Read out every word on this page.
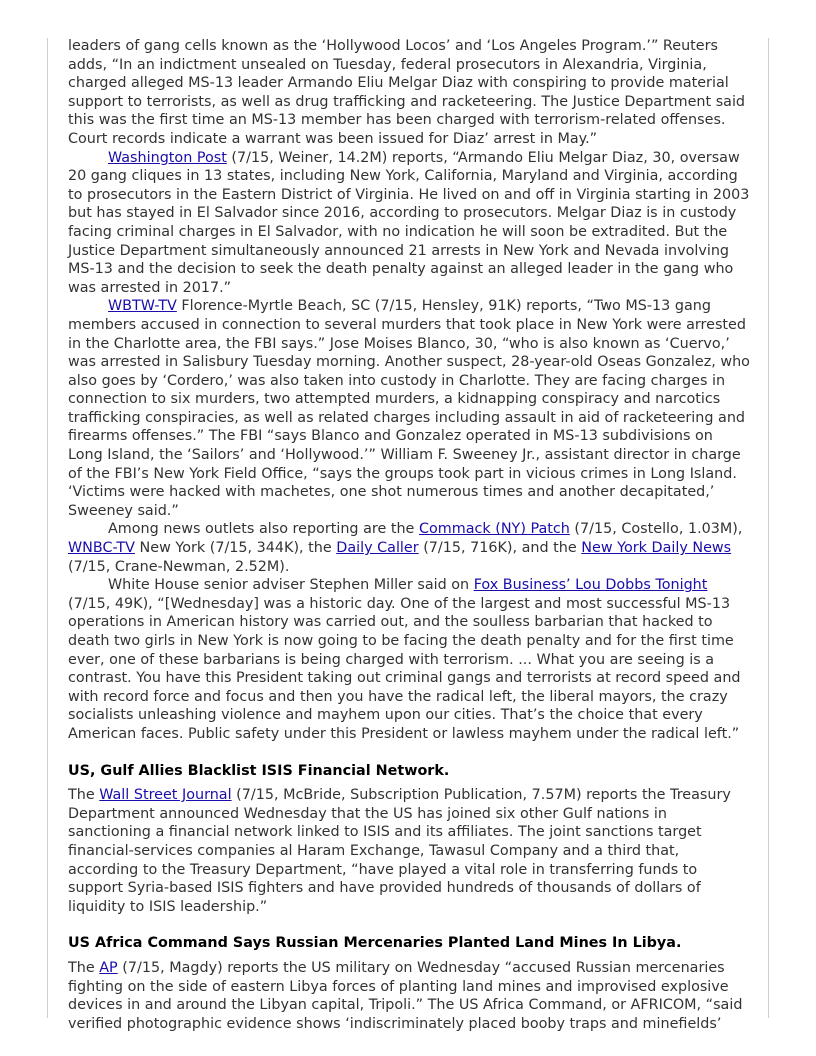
leaders of gang cells known as the ‘Hollywood Locos’ and ‘Los Angeles Program.’” Reuters adds, “In an indictment unsealed on Tuesday, federal prosecutors in Alexandria, Virginia, charged alleged MS-13 leader Armando Eliu Melgar Diaz with conspiring to provide material support to terrorists, as well as drug trafficking and racketeering. The Justice Department said this was the first time an MS-13 member has been charged with terrorism-related offenses. Court records indicate a warrant was been issued for Diaz’ arrest in May.”

Washington Post (7/15, Weiner, 14.2M) reports, “Armando Eliu Melgar Diaz, 30, oversaw 20 gang cliques in 13 states, including New York, California, Maryland and Virginia, according to prosecutors in the Eastern District of Virginia. He lived on and off in Virginia starting in 2003 but has stayed in El Salvador since 2016, according to prosecutors. Melgar Diaz is in custody facing criminal charges in El Salvador, with no indication he will soon be extradited. But the Justice Department simultaneously announced 21 arrests in New York and Nevada involving MS-13 and the decision to seek the death penalty against an alleged leader in the gang who was arrested in 2017.”

WBTW-TV Florence-Myrtle Beach, SC (7/15, Hensley, 91K) reports, “Two MS-13 gang members accused in connection to several murders that took place in New York were arrested in the Charlotte area, the FBI says.” Jose Moises Blanco, 30, “who is also known as ‘Cuervo,’ was arrested in Salisbury Tuesday morning. Another suspect, 28-year-old Oseas Gonzalez, who also goes by ‘Cordero,’ was also taken into custody in Charlotte. They are facing charges in connection to six murders, two attempted murders, a kidnapping conspiracy and narcotics trafficking conspiracies, as well as related charges including assault in aid of racketeering and firearms offenses.” The FBI “says Blanco and Gonzalez operated in MS-13 subdivisions on Long Island, the ‘Sailors’ and ‘Hollywood.’” William F. Sweeney Jr., assistant director in charge of the FBI’s New York Field Office, “says the groups took part in vicious crimes in Long Island. ‘Victims were hacked with machetes, one shot numerous times and another decapitated,’ Sweeney said.”

Among news outlets also reporting are the Commack (NY) Patch (7/15, Costello, 1.03M), WNBC-TV New York (7/15, 344K), the Daily Caller (7/15, 716K), and the New York Daily News (7/15, Crane-Newman, 2.52M).

White House senior adviser Stephen Miller said on Fox Business’ Lou Dobbs Tonight (7/15, 49K), “[Wednesday] was a historic day. One of the largest and most successful MS-13 operations in American history was carried out, and the soulless barbarian that hacked to death two girls in New York is now going to be facing the death penalty and for the first time ever, one of these barbarians is being charged with terrorism. ... What you are seeing is a contrast. You have this President taking out criminal gangs and terrorists at record speed and with record force and focus and then you have the radical left, the liberal mayors, the crazy socialists unleashing violence and mayhem upon our cities. That’s the choice that every American faces. Public safety under this President or lawless mayhem under the radical left.”

US, Gulf Allies Blacklist ISIS Financial Network.

The Wall Street Journal (7/15, McBride, Subscription Publication, 7.57M) reports the Treasury Department announced Wednesday that the US has joined six other Gulf nations in sanctioning a financial network linked to ISIS and its affiliates. The joint sanctions target financial-services companies al Haram Exchange, Tawasul Company and a third that, according to the Treasury Department, “have played a vital role in transferring funds to support Syria-based ISIS fighters and have provided hundreds of thousands of dollars of liquidity to ISIS leadership.”

US Africa Command Says Russian Mercenaries Planted Land Mines In Libya.

The AP (7/15, Magdy) reports the US military on Wednesday “accused Russian mercenaries fighting on the side of eastern Libya forces of planting land mines and improvised explosive devices in and around the Libyan capital, Tripoli.” The US Africa Command, or AFRICOM, “said verified photographic evidence shows ‘indiscriminately placed booby traps and minefields’
